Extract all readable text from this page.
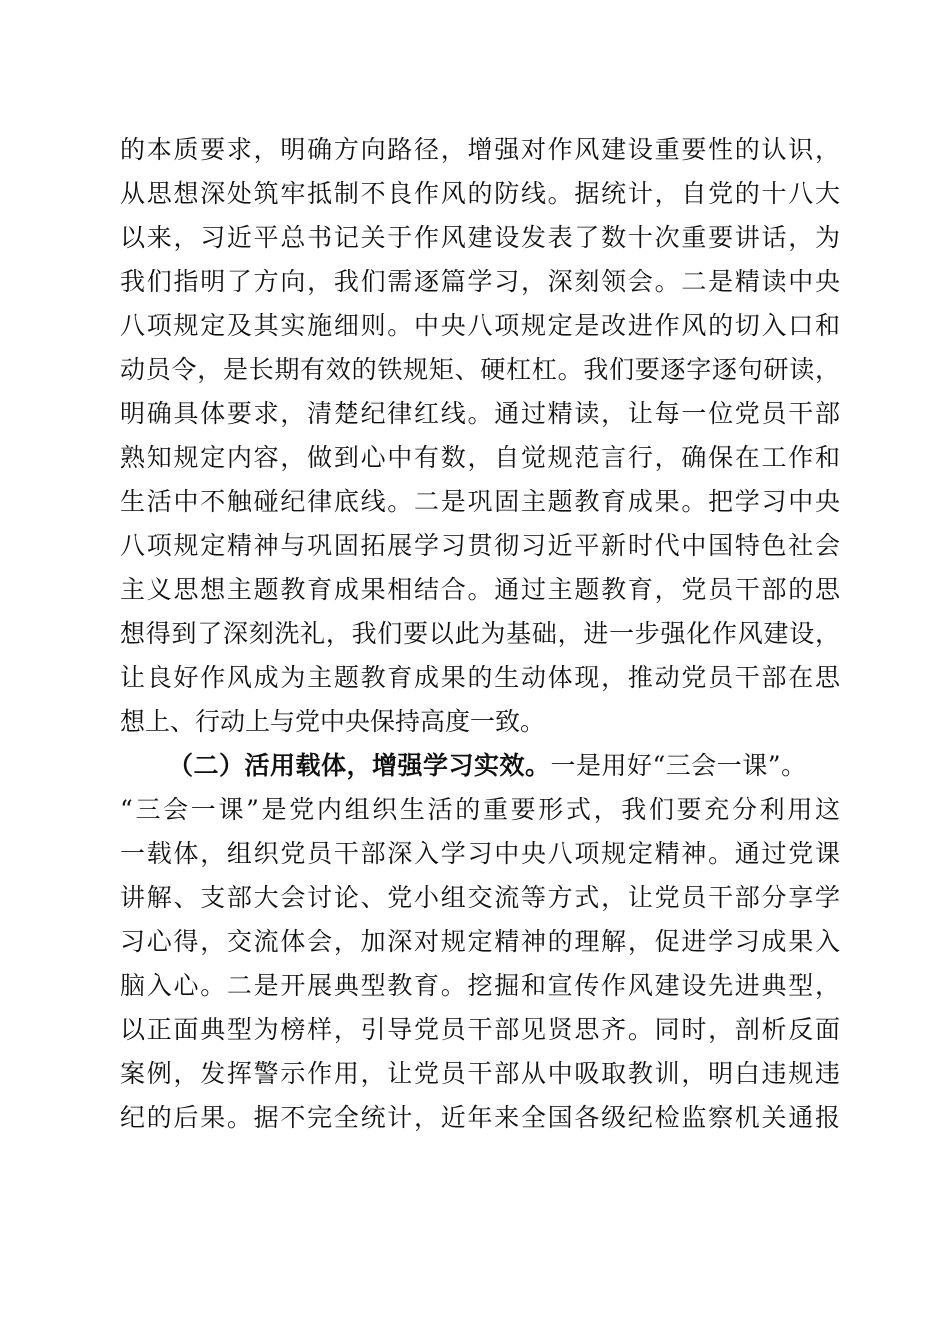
的本质要求，明确方向路径，增强对作风建设重要性的认识，
从思想深处筑牢抵制不良作风的防线。据统计，自党的十八大
以来，习近平总书记关于作风建设发表了数十次重要讲话，为
我们指明了方向，我们需逐篇学习，深刻领会。二是精读中央
八项规定及其实施细则。中央八项规定是改进作风的切入口和
动员令，是长期有效的铁规矩、硬杠杠。我们要逐字逐句研读，
明确具体要求，清楚纪律红线。通过精读，让每一位党员干部
熟知规定内容，做到心中有数，自觉规范言行，确保在工作和
生活中不触碰纪律底线。二是巩固主题教育成果。把学习中央
八项规定精神与巩固拓展学习贯彻习近平新时代中国特色社会
主义思想主题教育成果相结合。通过主题教育，党员干部的思
想得到了深刻洗礼，我们要以此为基础，进一步强化作风建设，
让良好作风成为主题教育成果的生动体现，推动党员干部在思
想上、行动上与党中央保持高度一致。
（二）活用载体，增强学习实效。一是用好“三会一课”。
“三会一课”是党内组织生活的重要形式，我们要充分利用这
一载体，组织党员干部深入学习中央八项规定精神。通过党课
讲解、支部大会讨论、党小组交流等方式，让党员干部分享学
习心得，交流体会，加深对规定精神的理解，促进学习成果入
脑入心。二是开展典型教育。挖掘和宣传作风建设先进典型，
以正面典型为榜样，引导党员干部见贤思齐。同时，剖析反面
案例，发挥警示作用，让党员干部从中吸取教训，明白违规违
纪的后果。据不完全统计，近年来全国各级纪检监察机关通报
